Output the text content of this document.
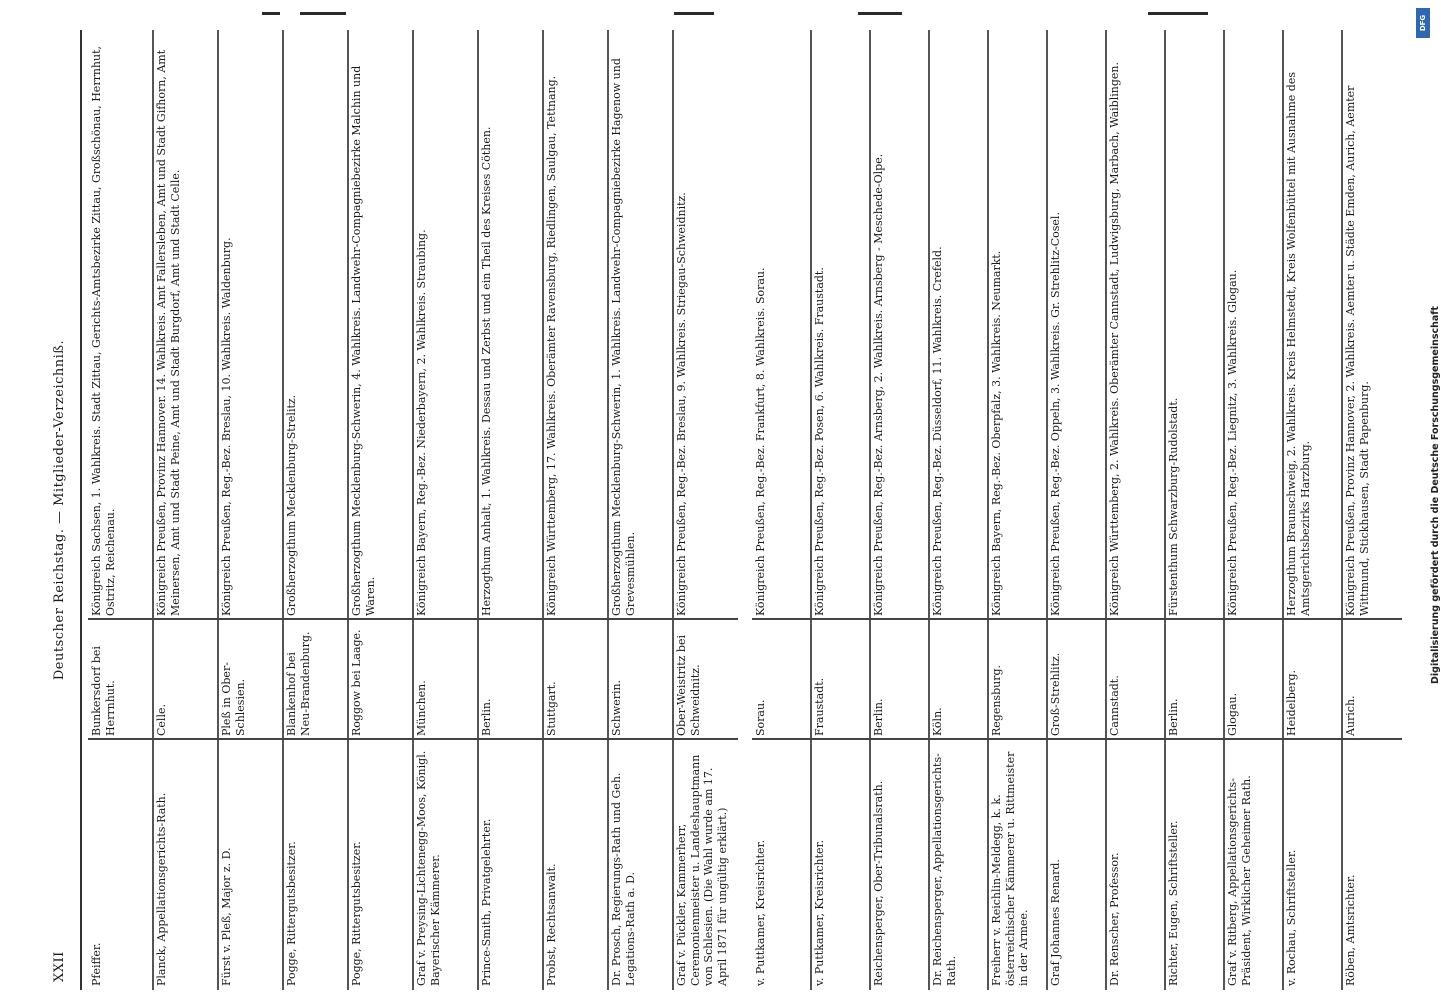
DFG
Digitalisierung gefördert durch die Deutsche Forschungsgemeinschaft
XXII
Deutscher Reichstag. — Mitglieder-Verzeichniß.
Pfeiffer.
Bunkersdorf bei Herrnhut.
Königreich Sachsen, 1. Wahlkreis. Stadt Zittau, Gerichts-Amtsbezirke Zittau, Großschönau, Herrnhut, Ostritz, Reichenau.
Planck, Appellationsgerichts-Rath.
Celle.
Königreich Preußen, Provinz Hannover. 14. Wahlkreis. Amt Fallersleben, Amt und Stadt Gifhorn, Amt Meinersen, Amt und Stadt Peine, Amt und Stadt Burgdorf, Amt und Stadt Celle.
Fürst v. Pleß, Major z. D.
Pleß in Ober-Schlesien.
Königreich Preußen, Reg.-Bez. Breslau, 10. Wahlkreis. Waldenburg.
Pogge, Rittergutsbesitzer.
Blankenhof bei Neu-Brandenburg.
Großherzogthum Mecklenburg-Strelitz.
Pogge, Rittergutsbesitzer.
Roggow bei Laage.
Großherzogthum Mecklenburg-Schwerin, 4. Wahlkreis. Landwehr-Compagniebezirke Malchin und Waren.
Graf v. Preysing-Lichtenegg-Moos, Königl. Bayerischer Kämmerer.
München.
Königreich Bayern, Reg.-Bez. Niederbayern, 2. Wahlkreis. Straubing.
Prince-Smith, Privatgelehrter.
Berlin.
Herzogthum Anhalt, 1. Wahlkreis. Dessau und Zerbst und ein Theil des Kreises Cöthen.
Probst, Rechtsanwalt.
Stuttgart.
Königreich Württemberg, 17. Wahlkreis. Oberämter Ravensburg, Riedlingen, Saulgau, Tettnang.
Dr. Prosch, Regierungs-Rath und Geh. Legations-Rath a. D.
Schwerin.
Großherzogthum Mecklenburg-Schwerin, 1. Wahlkreis. Landwehr-Compagniebezirke Hagenow und Grevesmühlen.
Graf v. Pückler, Kammerherr, Ceremonienmeister u. Landeshauptmann von Schlesien. (Die Wahl wurde am 17. April 1871 für ungültig erklärt.)
Ober-Weistritz bei Schweidnitz.
Königreich Preußen, Reg.-Bez. Breslau, 9. Wahlkreis. Striegau-Schweidnitz.
v. Puttkamer, Kreisrichter.
Sorau.
Königreich Preußen, Reg.-Bez. Frankfurt, 8. Wahlkreis. Sorau.
v. Puttkamer, Kreisrichter.
Fraustadt.
Königreich Preußen, Reg.-Bez. Posen, 6. Wahlkreis. Fraustadt.
Reichensperger, Ober-Tribunalsrath.
Berlin.
Königreich Preußen, Reg.-Bez. Arnsberg, 2. Wahlkreis. Arnsberg - Meschede-Olpe.
Dr. Reichensperger, Appellationsgerichts-Rath.
Köln.
Königreich Preußen, Reg.-Bez. Düsseldorf, 11. Wahlkreis. Crefeld.
Freiherr v. Reichlin-Meldegg, k. k. österreichischer Kämmerer u. Rittmeister in der Armee.
Regensburg.
Königreich Bayern, Reg.-Bez. Oberpfalz, 3. Wahlkreis. Neumarkt.
Graf Johannes Renard.
Groß-Strehlitz.
Königreich Preußen, Reg.-Bez. Oppeln, 3. Wahlkreis. Gr. Strehlitz-Cosel.
Dr. Renscher, Professor.
Cannstadt.
Königreich Württemberg, 2. Wahlkreis. Oberämter Cannstadt, Ludwigsburg, Marbach, Waiblingen.
Richter, Eugen, Schriftsteller.
Berlin.
Fürstenthum Schwarzburg-Rudolstadt.
Graf v. Ritberg, Appellationsgerichts-Präsident, Wirklicher Geheimer Rath.
Glogau.
Königreich Preußen, Reg.-Bez. Liegnitz, 3. Wahlkreis. Glogau.
v. Rochau, Schriftsteller.
Heidelberg.
Herzogthum Braunschweig, 2. Wahlkreis. Kreis Helmstedt, Kreis Wolfenbüttel mit Ausnahme des Amtsgerichtsbezirks Harzburg.
Röben, Amtsrichter.
Aurich.
Königreich Preußen, Provinz Hannover, 2. Wahlkreis. Aemter u. Städte Emden, Aurich, Aemter Wittmund, Stickhausen, Stadt Papenburg.
